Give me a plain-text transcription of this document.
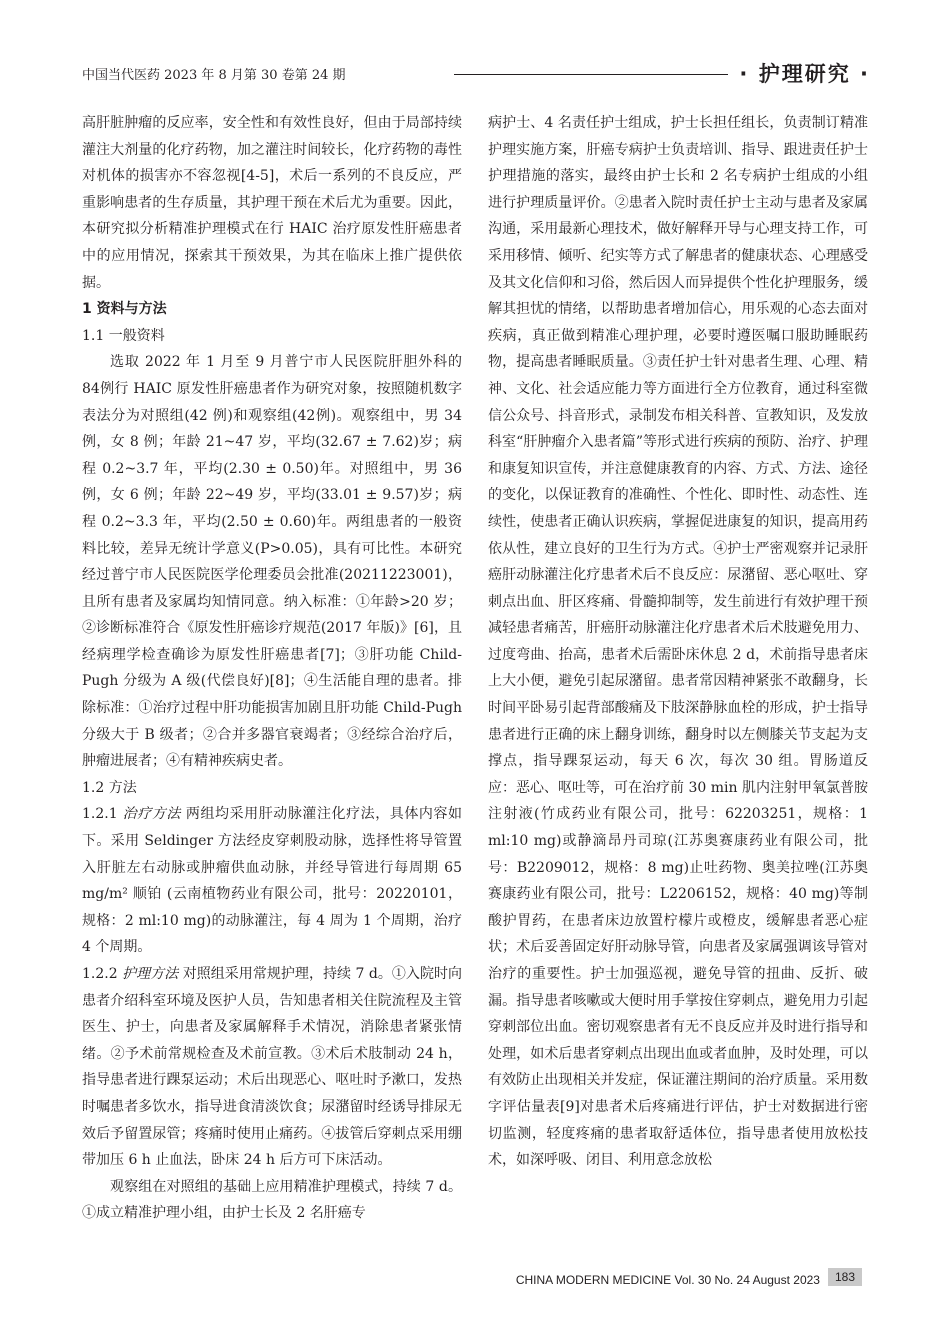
中国当代医药 2023 年 8 月第 30 卷第 24 期	· 护理研究 ·

高肝脏肿瘤的反应率，安全性和有效性良好，但由于局部持续灌注大剂量的化疗药物，加之灌注时间较长，化疗药物的毒性对机体的损害亦不容忽视[4-5]，术后一系列的不良反应，严重影响患者的生存质量，其护理干预在术后尤为重要。因此，本研究拟分析精准护理模式在行 HAIC 治疗原发性肝癌患者中的应用情况，探索其干预效果，为其在临床上推广提供依据。

1 资料与方法
1.1 一般资料

选取 2022 年 1 月至 9 月普宁市人民医院肝胆外科的 84例行 HAIC 原发性肝癌患者作为研究对象，按照随机数字表法分为对照组(42 例)和观察组(42例)。观察组中，男 34 例，女 8 例；年龄 21~47 岁，平均(32.67 ± 7.62)岁；病程 0.2~3.7 年，平均(2.30 ± 0.50)年。对照组中，男 36 例，女 6 例；年龄 22~49 岁，平均(33.01 ± 9.57)岁；病程 0.2~3.3 年，平均(2.50 ± 0.60)年。两组患者的一般资料比较，差异无统计学意义(P>0.05)，具有可比性。本研究经过普宁市人民医院医学伦理委员会批准(20211223001)，且所有患者及家属均知情同意。纳入标准：①年龄>20 岁；②诊断标准符合《原发性肝癌诊疗规范(2017 年版)》[6]，且经病理学检查确诊为原发性肝癌患者[7]；③肝功能 Child-Pugh 分级为 A 级(代偿良好)[8]；④生活能自理的患者。排除标准：①治疗过程中肝功能损害加剧且肝功能 Child-Pugh 分级大于 B 级者；②合并多器官衰竭者；③经综合治疗后，肿瘤进展者；④有精神疾病史者。

1.2 方法

1.2.1 治疗方法 两组均采用肝动脉灌注化疗法，具体内容如下。采用 Seldinger 方法经皮穿刺股动脉，选择性将导管置入肝脏左右动脉或肿瘤供血动脉，并经导管进行每周期 65 mg/m² 顺铂 (云南植物药业有限公司，批号：20220101，规格：2 ml:10 mg)的动脉灌注，每 4 周为 1 个周期，治疗 4 个周期。

1.2.2 护理方法 对照组采用常规护理，持续 7 d。①入院时向患者介绍科室环境及医护人员，告知患者相关住院流程及主管医生、护士，向患者及家属解释手术情况，消除患者紧张情绪。②予术前常规检查及术前宣教。③术后术肢制动 24 h，指导患者进行踝泵运动；术后出现恶心、呕吐时予漱口，发热时嘱患者多饮水，指导进食清淡饮食；尿潴留时经诱导排尿无效后予留置尿管；疼痛时使用止痛药。④拔管后穿刺点采用绷带加压 6 h 止血法，卧床 24 h 后方可下床活动。

观察组在对照组的基础上应用精准护理模式，持续 7 d。①成立精准护理小组，由护士长及 2 名肝癌专

病护士、4 名责任护士组成，护士长担任组长，负责制订精准护理实施方案，肝癌专病护士负责培训、指导、跟进责任护士护理措施的落实，最终由护士长和 2 名专病护士组成的小组进行护理质量评价。②患者入院时责任护士主动与患者及家属沟通，采用最新心理技术，做好解释开导与心理支持工作，可采用移情、倾听、纪实等方式了解患者的健康状态、心理感受及其文化信仰和习俗，然后因人而异提供个性化护理服务，缓解其担忧的情绪，以帮助患者增加信心，用乐观的心态去面对疾病，真正做到精准心理护理，必要时遵医嘱口服助睡眠药物，提高患者睡眠质量。③责任护士针对患者生理、心理、精神、文化、社会适应能力等方面进行全方位教育，通过科室微信公众号、抖音形式，录制发布相关科普、宣教知识，及发放科室“肝肿瘤介入患者篇”等形式进行疾病的预防、治疗、护理和康复知识宣传，并注意健康教育的内容、方式、方法、途径的变化，以保证教育的准确性、个性化、即时性、动态性、连续性，使患者正确认识疾病，掌握促进康复的知识，提高用药依从性，建立良好的卫生行为方式。④护士严密观察并记录肝癌肝动脉灌注化疗患者术后不良反应：尿潴留、恶心呕吐、穿刺点出血、肝区疼痛、骨髓抑制等，发生前进行有效护理干预减轻患者痛苦，肝癌肝动脉灌注化疗患者术后术肢避免用力、过度弯曲、抬高，患者术后需卧床休息 2 d，术前指导患者床上大小便，避免引起尿潴留。患者常因精神紧张不敢翻身，长时间平卧易引起背部酸痛及下肢深静脉血栓的形成，护士指导患者进行正确的床上翻身训练，翻身时以左侧膝关节支起为支撑点，指导踝泵运动，每天 6 次，每次 30 组。胃肠道反应：恶心、呕吐等，可在治疗前 30 min 肌内注射甲氧氯普胺注射液(竹成药业有限公司，批号：62203251，规格：1 ml:10 mg)或静滴昂丹司琼(江苏奥赛康药业有限公司，批号：B2209012，规格：8 mg)止吐药物、奥美拉唑(江苏奥赛康药业有限公司，批号：L2206152，规格：40 mg)等制酸护胃药，在患者床边放置柠檬片或橙皮，缓解患者恶心症状；术后妥善固定好肝动脉导管，向患者及家属强调该导管对治疗的重要性。护士加强巡视，避免导管的扭曲、反折、破漏。指导患者咳嗽或大便时用手掌按住穿刺点，避免用力引起穿刺部位出血。密切观察患者有无不良反应并及时进行指导和处理，如术后患者穿刺点出现出血或者血肿，及时处理，可以有效防止出现相关并发症，保证灌注期间的治疗质量。采用数字评估量表[9]对患者术后疼痛进行评估，护士对数据进行密切监测，轻度疼痛的患者取舒适体位，指导患者使用放松技术，如深呼吸、闭目、利用意念放松

CHINA MODERN MEDICINE Vol. 30 No. 24 August 2023 183
